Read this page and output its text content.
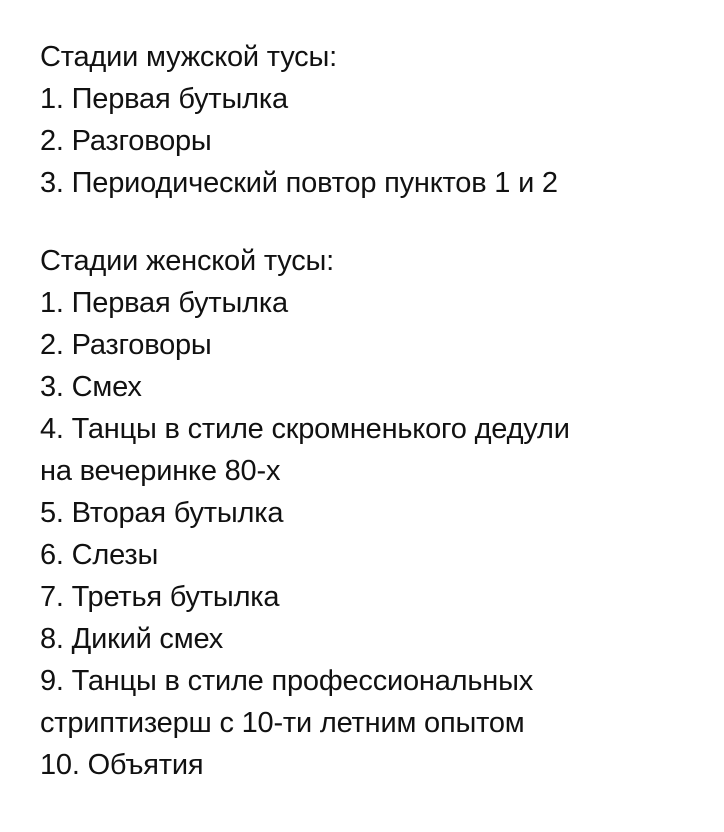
Стадии мужской тусы:
1. Первая бутылка
2. Разговоры
3. Периодический повтор пунктов 1 и 2
Стадии женской тусы:
1. Первая бутылка
2. Разговоры
3. Смех
4. Танцы в стиле скромненького дедули
на вечеринке 80-х
5. Вторая бутылка
6. Слезы
7. Третья бутылка
8. Дикий смех
9. Танцы в стиле профессиональных
стриптизерш с 10-ти летним опытом
10. Объятия
